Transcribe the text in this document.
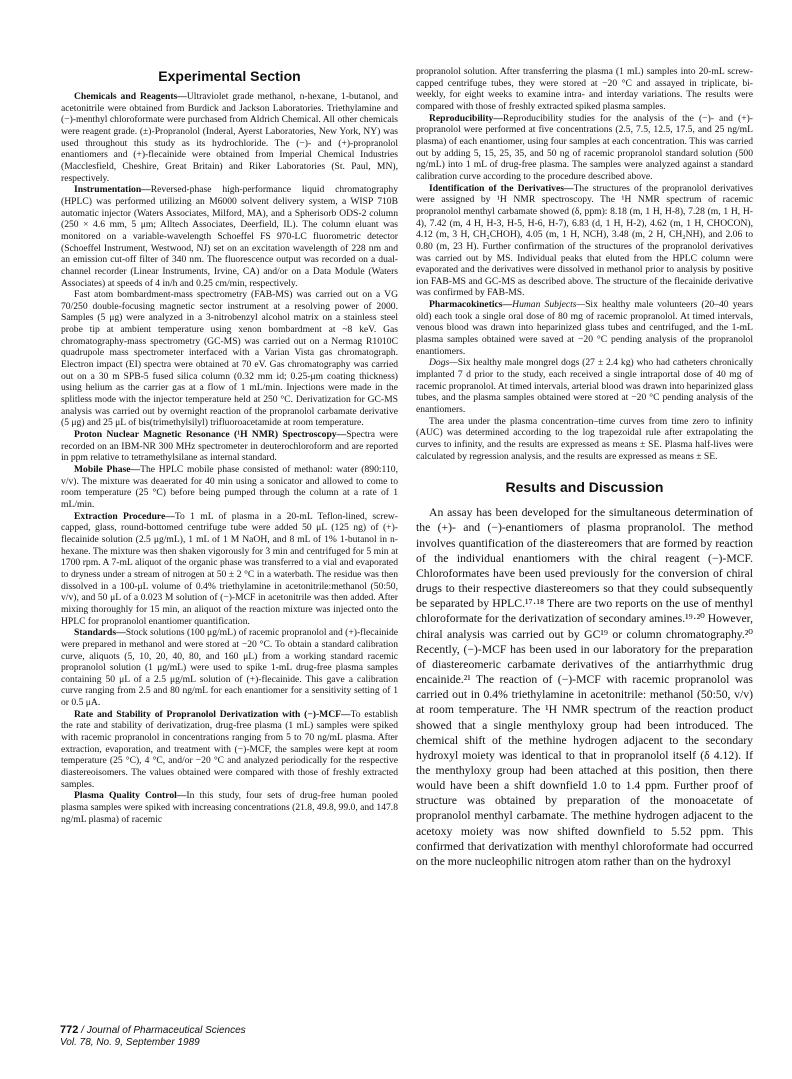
Experimental Section

Chemicals and Reagents—Ultraviolet grade methanol, n-hexane, 1-butanol, and acetonitrile were obtained from Burdick and Jackson Laboratories. Triethylamine and (−)-menthyl chloroformate were purchased from Aldrich Chemical. All other chemicals were reagent grade. (±)-Propranolol (Inderal, Ayerst Laboratories, New York, NY) was used throughout this study as its hydrochloride. The (−)- and (+)-propranolol enantiomers and (+)-flecainide were obtained from Imperial Chemical Industries (Macclesfield, Cheshire, Great Britain) and Riker Laboratories (St. Paul, MN), respectively.

Instrumentation—Reversed-phase high-performance liquid chromatography (HPLC) was performed utilizing an M6000 solvent delivery system, a WISP 710B automatic injector (Waters Associates, Milford, MA), and a Spherisorb ODS-2 column (250 × 4.6 mm, 5 μm; Alltech Associates, Deerfield, IL). The column eluant was monitored on a variable-wavelength Schoeffel FS 970-LC fluorometric detector (Schoeffel Instrument, Westwood, NJ) set on an excitation wavelength of 228 nm and an emission cut-off filter of 340 nm. The fluorescence output was recorded on a dual-channel recorder (Linear Instruments, Irvine, CA) and/or on a Data Module (Waters Associates) at speeds of 4 in/h and 0.25 cm/min, respectively.

Fast atom bombardment-mass spectrometry (FAB-MS) was carried out on a VG 70/250 double-focusing magnetic sector instrument at a resolving power of 2000. Samples (5 μg) were analyzed in a 3-nitrobenzyl alcohol matrix on a stainless steel probe tip at ambient temperature using xenon bombardment at ~8 keV. Gas chromatography-mass spectrometry (GC-MS) was carried out on a Nermag R1010C quadrupole mass spectrometer interfaced with a Varian Vista gas chromatograph. Electron impact (EI) spectra were obtained at 70 eV. Gas chromatography was carried out on a 30 m SPB-5 fused silica column (0.32 mm id; 0.25-μm coating thickness) using helium as the carrier gas at a flow of 1 mL/min. Injections were made in the splitless mode with the injector temperature held at 250 °C. Derivatization for GC-MS analysis was carried out by overnight reaction of the propranolol carbamate derivative (5 μg) and 25 μL of bis(trimethylsilyl) trifluoroacetamide at room temperature.

Proton Nuclear Magnetic Resonance (¹H NMR) Spectroscopy—Spectra were recorded on an IBM-NR 300 MHz spectrometer in deuterochloroform and are reported in ppm relative to tetramethylsilane as internal standard.

Mobile Phase—The HPLC mobile phase consisted of methanol: water (890:110, v/v). The mixture was deaerated for 40 min using a sonicator and allowed to come to room temperature (25 °C) before being pumped through the column at a rate of 1 mL/min.

Extraction Procedure—To 1 mL of plasma in a 20-mL Teflon-lined, screw-capped, glass, round-bottomed centrifuge tube were added 50 μL (125 ng) of (+)-flecainide solution (2.5 μg/mL), 1 mL of 1 M NaOH, and 8 mL of 1% 1-butanol in n-hexane. The mixture was then shaken vigorously for 3 min and centrifuged for 5 min at 1700 rpm. A 7-mL aliquot of the organic phase was transferred to a vial and evaporated to dryness under a stream of nitrogen at 50 ± 2 °C in a waterbath. The residue was then dissolved in a 100-μL volume of 0.4% triethylamine in acetonitrile:methanol (50:50, v/v), and 50 μL of a 0.023 M solution of (−)-MCF in acetonitrile was then added. After mixing thoroughly for 15 min, an aliquot of the reaction mixture was injected onto the HPLC for propranolol enantiomer quantification.

Standards—Stock solutions (100 μg/mL) of racemic propranolol and (+)-flecainide were prepared in methanol and were stored at −20 °C. To obtain a standard calibration curve, aliquots (5, 10, 20, 40, 80, and 160 μL) from a working standard racemic propranolol solution (1 μg/mL) were used to spike 1-mL drug-free plasma samples containing 50 μL of a 2.5 μg/mL solution of (+)-flecainide. This gave a calibration curve ranging from 2.5 and 80 ng/mL for each enantiomer for a sensitivity setting of 1 or 0.5 μA.

Rate and Stability of Propranolol Derivatization with (−)-MCF—To establish the rate and stability of derivatization, drug-free plasma (1 mL) samples were spiked with racemic propranolol in concentrations ranging from 5 to 70 ng/mL plasma. After extraction, evaporation, and treatment with (−)-MCF, the samples were kept at room temperature (25 °C), 4 °C, and/or −20 °C and analyzed periodically for the respective diastereoisomers. The values obtained were compared with those of freshly extracted samples.

Plasma Quality Control—In this study, four sets of drug-free human pooled plasma samples were spiked with increasing concentrations (21.8, 49.8, 99.0, and 147.8 ng/mL plasma) of racemic

propranolol solution. After transferring the plasma (1 mL) samples into 20-mL screw-capped centrifuge tubes, they were stored at −20 °C and assayed in triplicate, bi-weekly, for eight weeks to examine intra- and interday variations. The results were compared with those of freshly extracted spiked plasma samples.

Reproducibility—Reproducibility studies for the analysis of the (−)- and (+)-propranolol were performed at five concentrations (2.5, 7.5, 12.5, 17.5, and 25 ng/mL plasma) of each enantiomer, using four samples at each concentration. This was carried out by adding 5, 15, 25, 35, and 50 ng of racemic propranolol standard solution (500 ng/mL) into 1 mL of drug-free plasma. The samples were analyzed against a standard calibration curve according to the procedure described above.

Identification of the Derivatives—The structures of the propranolol derivatives were assigned by ¹H NMR spectroscopy. The ¹H NMR spectrum of racemic propranolol menthyl carbamate showed (δ, ppm): 8.18 (m, 1 H, H-8), 7.28 (m, 1 H, H-4), 7.42 (m, 4 H, H-3, H-5, H-6, H-7), 6.83 (d, 1 H, H-2), 4.62 (m, 1 H, CHOCON), 4.12 (m, 3 H, CH₂CHOH), 4.05 (m, 1 H, NCH), 3.48 (m, 2 H, CH₂NH), and 2.06 to 0.80 (m, 23 H). Further confirmation of the structures of the propranolol derivatives was carried out by MS. Individual peaks that eluted from the HPLC column were evaporated and the derivatives were dissolved in methanol prior to analysis by positive ion FAB-MS and GC-MS as described above. The structure of the flecainide derivative was confirmed by FAB-MS.

Pharmacokinetics—Human Subjects—Six healthy male volunteers (20–40 years old) each took a single oral dose of 80 mg of racemic propranolol. At timed intervals, venous blood was drawn into heparinized glass tubes and centrifuged, and the 1-mL plasma samples obtained were saved at −20 °C pending analysis of the propranolol enantiomers.

Dogs—Six healthy male mongrel dogs (27 ± 2.4 kg) who had catheters chronically implanted 7 d prior to the study, each received a single intraportal dose of 40 mg of racemic propranolol. At timed intervals, arterial blood was drawn into heparinized glass tubes, and the plasma samples obtained were stored at −20 °C pending analysis of the enantiomers.

The area under the plasma concentration–time curves from time zero to infinity (AUC) was determined according to the log trapezoidal rule after extrapolating the curves to infinity, and the results are expressed as means ± SE. Plasma half-lives were calculated by regression analysis, and the results are expressed as means ± SE.

Results and Discussion

An assay has been developed for the simultaneous determination of the (+)- and (−)-enantiomers of plasma propranolol. The method involves quantification of the diastereomers that are formed by reaction of the individual enantiomers with the chiral reagent (−)-MCF. Chloroformates have been used previously for the conversion of chiral drugs to their respective diastereomers so that they could subsequently be separated by HPLC.¹⁷·¹⁸ There are two reports on the use of menthyl chloroformate for the derivatization of secondary amines.¹⁹·²⁰ However, chiral analysis was carried out by GC¹⁹ or column chromatography.²⁰ Recently, (−)-MCF has been used in our laboratory for the preparation of diastereomeric carbamate derivatives of the antiarrhythmic drug encainide.²¹ The reaction of (−)-MCF with racemic propranolol was carried out in 0.4% triethylamine in acetonitrile: methanol (50:50, v/v) at room temperature. The ¹H NMR spectrum of the reaction product showed that a single menthyloxy group had been introduced. The chemical shift of the methine hydrogen adjacent to the secondary hydroxyl moiety was identical to that in propranolol itself (δ 4.12). If the menthyloxy group had been attached at this position, then there would have been a shift downfield 1.0 to 1.4 ppm. Further proof of structure was obtained by preparation of the monoacetate of propranolol menthyl carbamate. The methine hydrogen adjacent to the acetoxy moiety was now shifted downfield to 5.52 ppm. This confirmed that derivatization with menthyl chloroformate had occurred on the more nucleophilic nitrogen atom rather than on the hydroxyl

772 / Journal of Pharmaceutical Sciences
Vol. 78, No. 9, September 1989
